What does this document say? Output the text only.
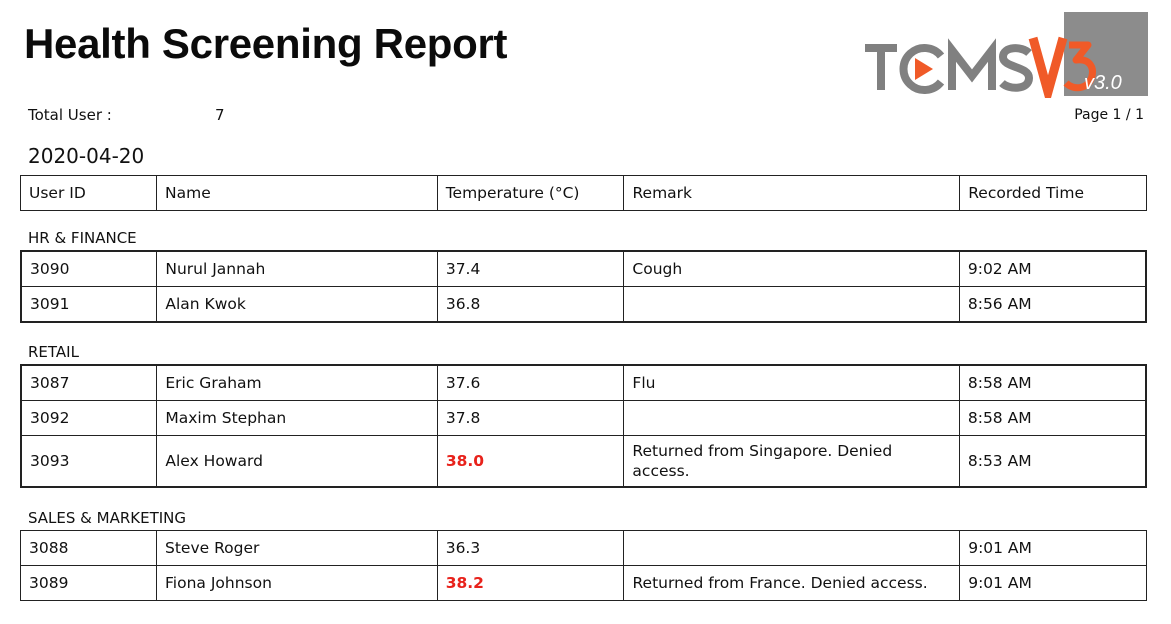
Health Screening Report
v3.0
Total User :	7	Page 1 / 1
2020-04-20
User ID	Name	Temperature (°C)	Remark	Recorded Time
HR & FINANCE
3090	Nurul Jannah	37.4	Cough	9:02 AM
3091	Alan Kwok	36.8		8:56 AM
RETAIL
3087	Eric Graham	37.6	Flu	8:58 AM
3092	Maxim Stephan	37.8		8:58 AM
3093	Alex Howard	38.0	Returned from Singapore. Denied access.	8:53 AM
SALES & MARKETING
3088	Steve Roger	36.3		9:01 AM
3089	Fiona Johnson	38.2	Returned from France. Denied access.	9:01 AM
